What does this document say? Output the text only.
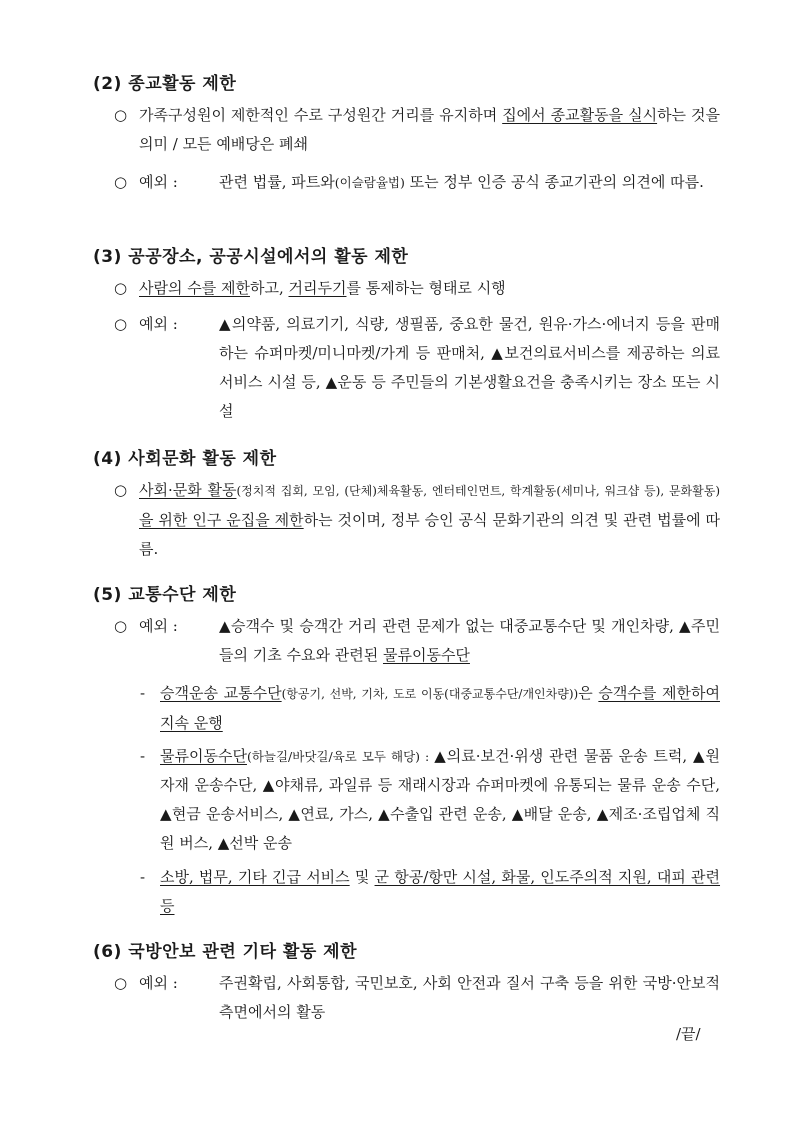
(2) 종교활동 제한
○ 가족구성원이 제한적인 수로 구성원간 거리를 유지하며 집에서 종교활동을 실시하는 것을 의미 / 모든 예배당은 폐쇄
○ 예외 :	관련 법률, 파트와(이슬람율법) 또는 정부 인증 공식 종교기관의 의견에 따름.
(3) 공공장소, 공공시설에서의 활동 제한
○ 사람의 수를 제한하고, 거리두기를 통제하는 형태로 시행
○ 예외 :	▲의약품, 의료기기, 식량, 생필품, 중요한 물건, 원유·가스·에너지 등을 판매하는 슈퍼마켓/미니마켓/가게 등 판매처, ▲보건의료서비스를 제공하는 의료서비스 시설 등, ▲운동 등 주민들의 기본생활요건을 충족시키는 장소 또는 시설
(4) 사회문화 활동 제한
○ 사회·문화 활동(정치적 집회, 모임, (단체)체육활동, 엔터테인먼트, 학계활동(세미나, 워크샵 등), 문화활동)을 위한 인구 운집을 제한하는 것이며, 정부 승인 공식 문화기관의 의견 및 관련 법률에 따름.
(5) 교통수단 제한
○ 예외 :	▲승객수 및 승객간 거리 관련 문제가 없는 대중교통수단 및 개인차량, ▲주민들의 기초 수요와 관련된 물류이동수단
- 승객운송 교통수단(항공기, 선박, 기차, 도로 이동(대중교통수단/개인차량))은 승객수를 제한하여 지속 운행
- 물류이동수단(하늘길/바닷길/육로 모두 해당) : ▲의료·보건·위생 관련 물품 운송 트럭, ▲원자재 운송수단, ▲야채류, 과일류 등 재래시장과 슈퍼마켓에 유통되는 물류 운송 수단, ▲현금 운송서비스, ▲연료, 가스, ▲수출입 관련 운송, ▲배달 운송, ▲제조·조립업체 직원 버스, ▲선박 운송
- 소방, 법무, 기타 긴급 서비스 및 군 항공/항만 시설, 화물, 인도주의적 지원, 대피 관련 등
(6) 국방안보 관련 기타 활동 제한
○ 예외 :	주권확립, 사회통합, 국민보호, 사회 안전과 질서 구축 등을 위한 국방·안보적 측면에서의 활동
/끝/
